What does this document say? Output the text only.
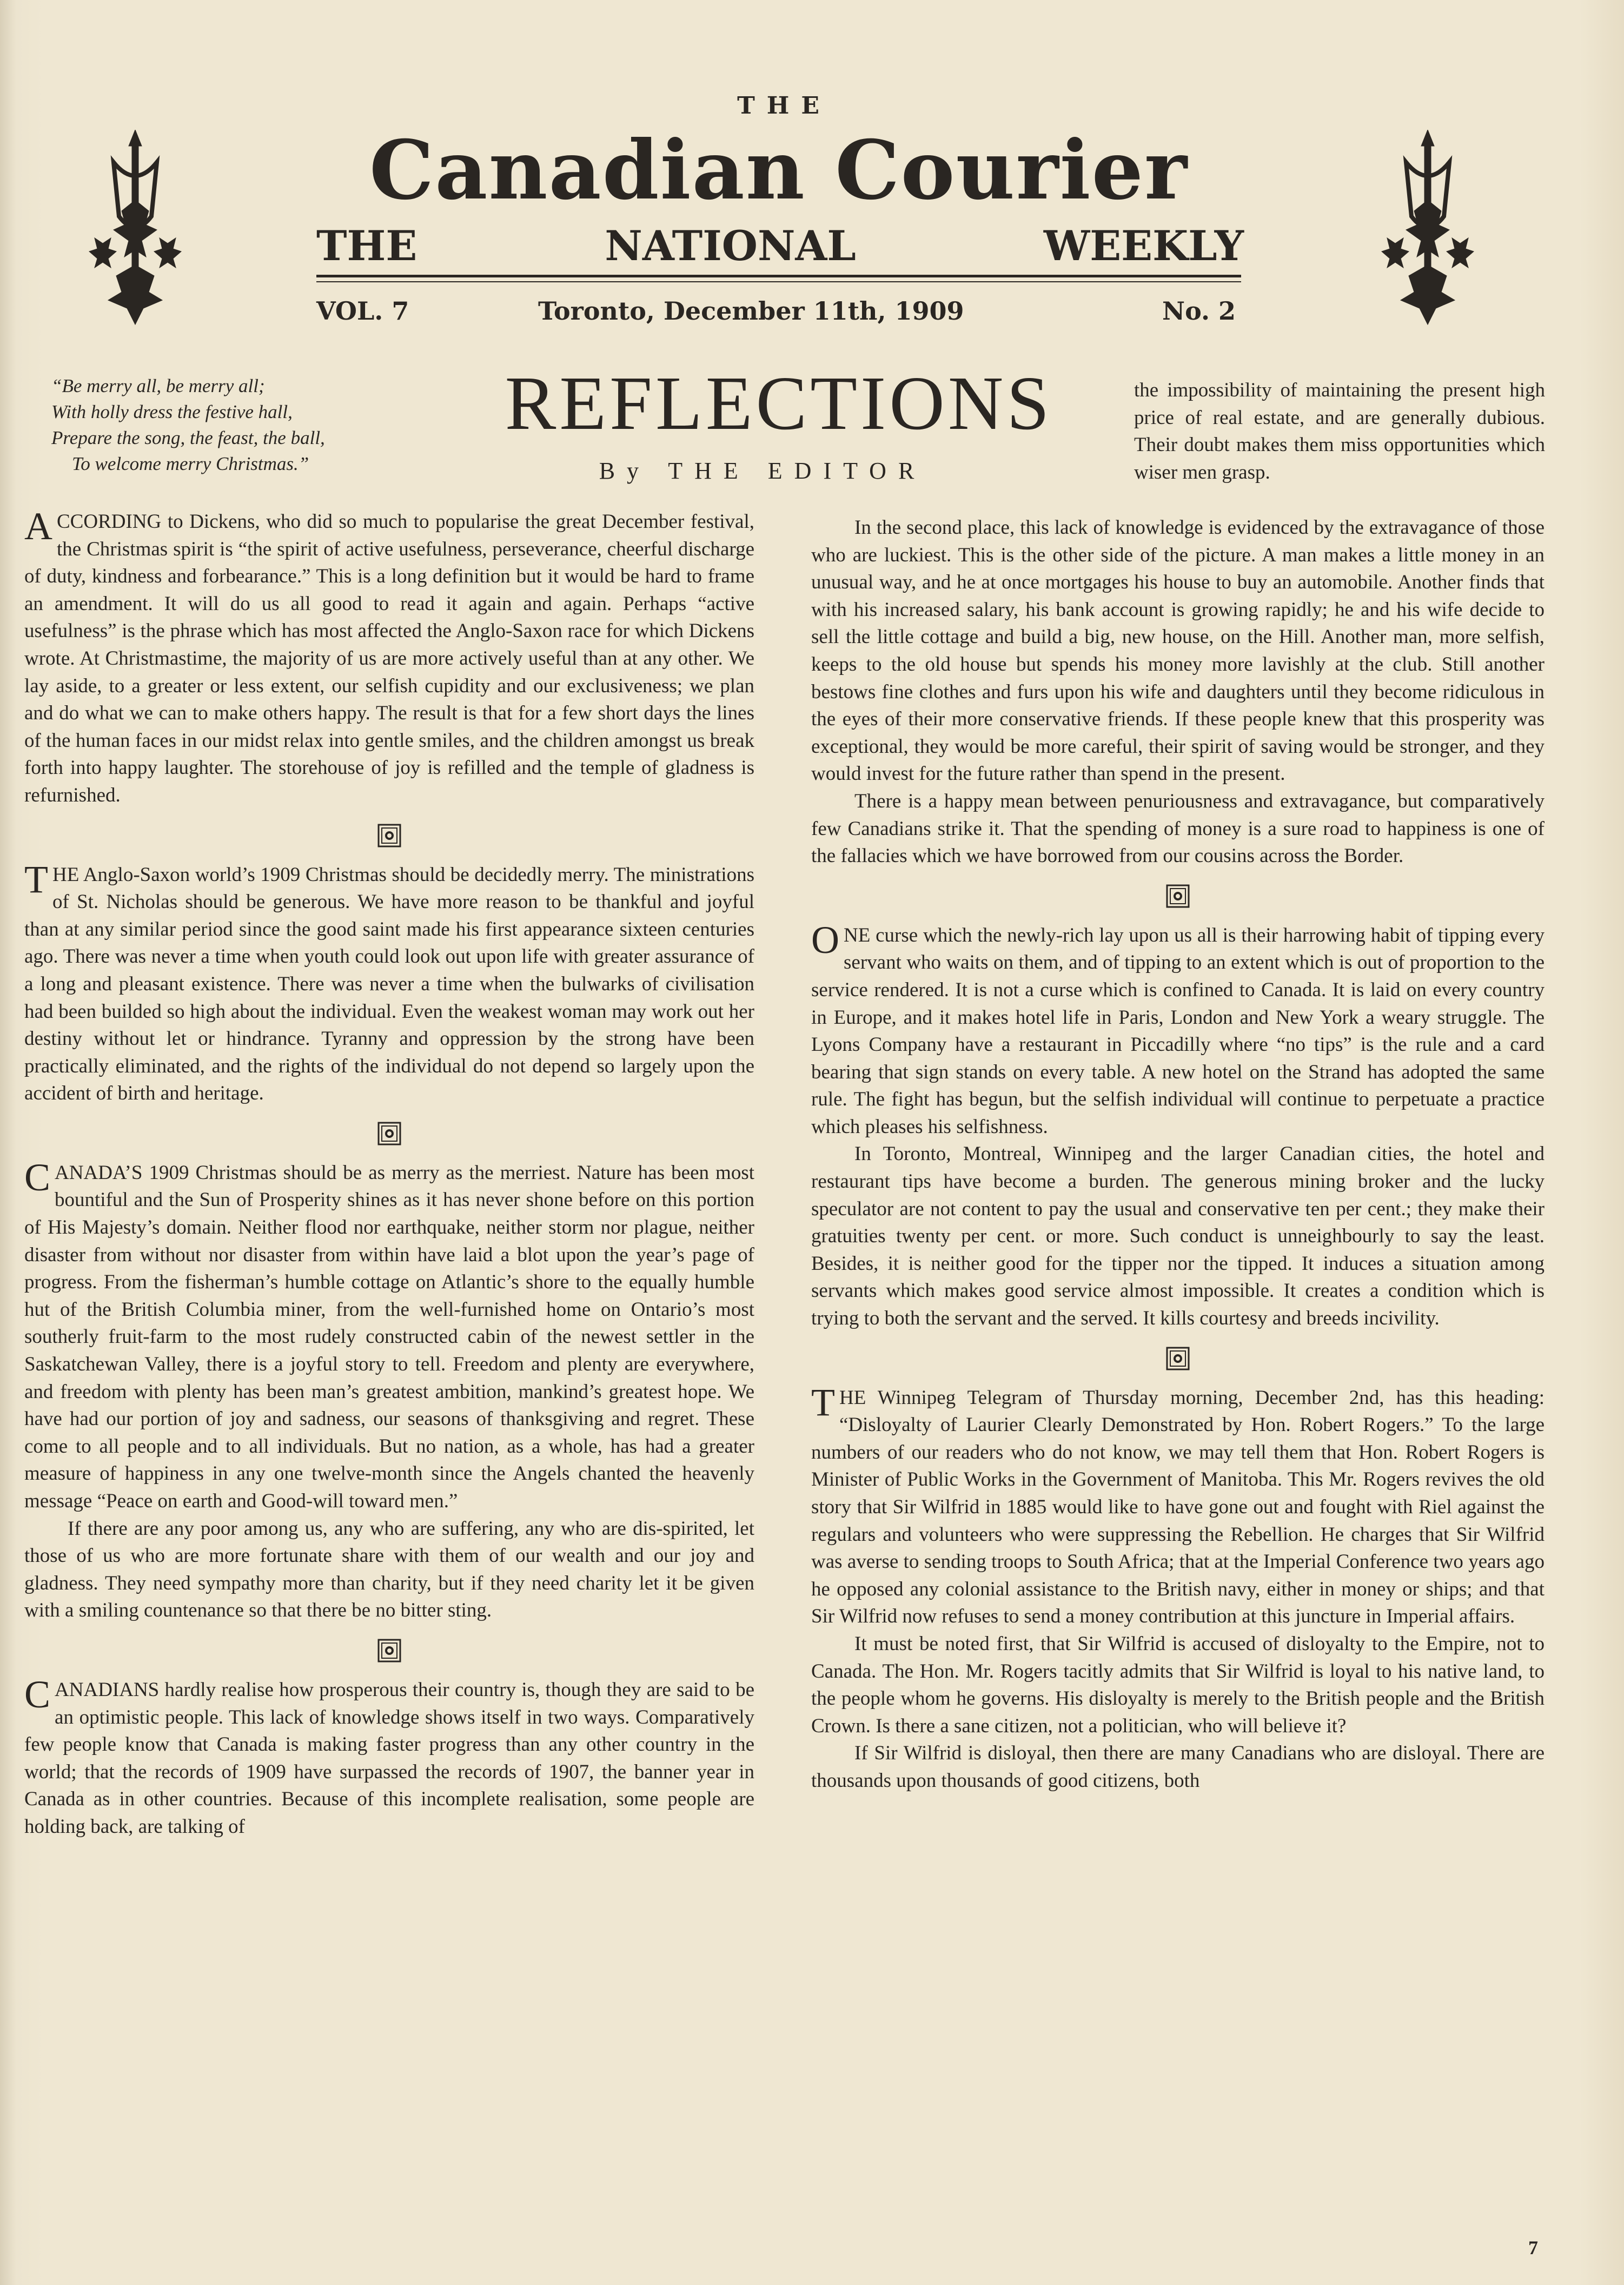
THE
Canadian Courier
THE	NATIONAL	WEEKLY
VOL. 7	Toronto, December 11th, 1909	No. 2
“Be merry all, be merry all;
With holly dress the festive hall,
Prepare the song, the feast, the ball,
To welcome merry Christmas.”
REFLECTIONS
By THE EDITOR

the impossibility of maintaining the present high price of real estate, and are generally dubious. Their doubt makes them miss opportunities which wiser men grasp.

ACCORDING to Dickens, who did so much to popularise the great December festival, the Christmas spirit is “the spirit of active usefulness, perseverance, cheerful discharge of duty, kindness and forbearance.” This is a long definition but it would be hard to frame an amendment. It will do us all good to read it again and again. Perhaps “active usefulness” is the phrase which has most affected the Anglo-Saxon race for which Dickens wrote. At Christmastime, the majority of us are more actively useful than at any other. We lay aside, to a greater or less extent, our selfish cupidity and our exclusiveness; we plan and do what we can to make others happy. The result is that for a few short days the lines of the human faces in our midst relax into gentle smiles, and the children amongst us break forth into happy laughter. The storehouse of joy is refilled and the temple of gladness is refurnished.

THE Anglo-Saxon world’s 1909 Christmas should be decidedly merry. The ministrations of St. Nicholas should be generous. We have more reason to be thankful and joyful than at any similar period since the good saint made his first appearance sixteen centuries ago. There was never a time when youth could look out upon life with greater assurance of a long and pleasant existence. There was never a time when the bulwarks of civilisation had been builded so high about the individual. Even the weakest woman may work out her destiny without let or hindrance. Tyranny and oppression by the strong have been practically eliminated, and the rights of the individual do not depend so largely upon the accident of birth and heritage.

CANADA’S 1909 Christmas should be as merry as the merriest. Nature has been most bountiful and the Sun of Prosperity shines as it has never shone before on this portion of His Majesty’s domain. Neither flood nor earthquake, neither storm nor plague, neither disaster from without nor disaster from within have laid a blot upon the year’s page of progress. From the fisherman’s humble cottage on Atlantic’s shore to the equally humble hut of the British Columbia miner, from the well-furnished home on Ontario’s most southerly fruit-farm to the most rudely constructed cabin of the newest settler in the Saskatchewan Valley, there is a joyful story to tell. Freedom and plenty are everywhere, and freedom with plenty has been man’s greatest ambition, mankind’s greatest hope. We have had our portion of joy and sadness, our seasons of thanksgiving and regret. These come to all people and to all individuals. But no nation, as a whole, has had a greater measure of happiness in any one twelve-month since the Angels chanted the heavenly message “Peace on earth and Good-will toward men.”

If there are any poor among us, any who are suffering, any who are dis-spirited, let those of us who are more fortunate share with them of our wealth and our joy and gladness. They need sympathy more than charity, but if they need charity let it be given with a smiling countenance so that there be no bitter sting.

CANADIANS hardly realise how prosperous their country is, though they are said to be an optimistic people. This lack of knowledge shows itself in two ways. Comparatively few people know that Canada is making faster progress than any other country in the world; that the records of 1909 have surpassed the records of 1907, the banner year in Canada as in other countries. Because of this incomplete realisation, some people are holding back, are talking of

In the second place, this lack of knowledge is evidenced by the extravagance of those who are luckiest. This is the other side of the picture. A man makes a little money in an unusual way, and he at once mortgages his house to buy an automobile. Another finds that with his increased salary, his bank account is growing rapidly; he and his wife decide to sell the little cottage and build a big, new house, on the Hill. Another man, more selfish, keeps to the old house but spends his money more lavishly at the club. Still another bestows fine clothes and furs upon his wife and daughters until they become ridiculous in the eyes of their more conservative friends. If these people knew that this prosperity was exceptional, they would be more careful, their spirit of saving would be stronger, and they would invest for the future rather than spend in the present.

There is a happy mean between penuriousness and extravagance, but comparatively few Canadians strike it. That the spending of money is a sure road to happiness is one of the fallacies which we have borrowed from our cousins across the Border.

ONE curse which the newly-rich lay upon us all is their harrowing habit of tipping every servant who waits on them, and of tipping to an extent which is out of proportion to the service rendered. It is not a curse which is confined to Canada. It is laid on every country in Europe, and it makes hotel life in Paris, London and New York a weary struggle. The Lyons Company have a restaurant in Piccadilly where “no tips” is the rule and a card bearing that sign stands on every table. A new hotel on the Strand has adopted the same rule. The fight has begun, but the selfish individual will continue to perpetuate a practice which pleases his selfishness.

In Toronto, Montreal, Winnipeg and the larger Canadian cities, the hotel and restaurant tips have become a burden. The generous mining broker and the lucky speculator are not content to pay the usual and conservative ten per cent.; they make their gratuities twenty per cent. or more. Such conduct is unneighbourly to say the least. Besides, it is neither good for the tipper nor the tipped. It induces a situation among servants which makes good service almost impossible. It creates a condition which is trying to both the servant and the served. It kills courtesy and breeds incivility.

THE Winnipeg Telegram of Thursday morning, December 2nd, has this heading: “Disloyalty of Laurier Clearly Demonstrated by Hon. Robert Rogers.” To the large numbers of our readers who do not know, we may tell them that Hon. Robert Rogers is Minister of Public Works in the Government of Manitoba. This Mr. Rogers revives the old story that Sir Wilfrid in 1885 would like to have gone out and fought with Riel against the regulars and volunteers who were suppressing the Rebellion. He charges that Sir Wilfrid was averse to sending troops to South Africa; that at the Imperial Conference two years ago he opposed any colonial assistance to the British navy, either in money or ships; and that Sir Wilfrid now refuses to send a money contribution at this juncture in Imperial affairs.

It must be noted first, that Sir Wilfrid is accused of disloyalty to the Empire, not to Canada. The Hon. Mr. Rogers tacitly admits that Sir Wilfrid is loyal to his native land, to the people whom he governs. His disloyalty is merely to the British people and the British Crown. Is there a sane citizen, not a politician, who will believe it?

If Sir Wilfrid is disloyal, then there are many Canadians who are disloyal. There are thousands upon thousands of good citizens, both

7
